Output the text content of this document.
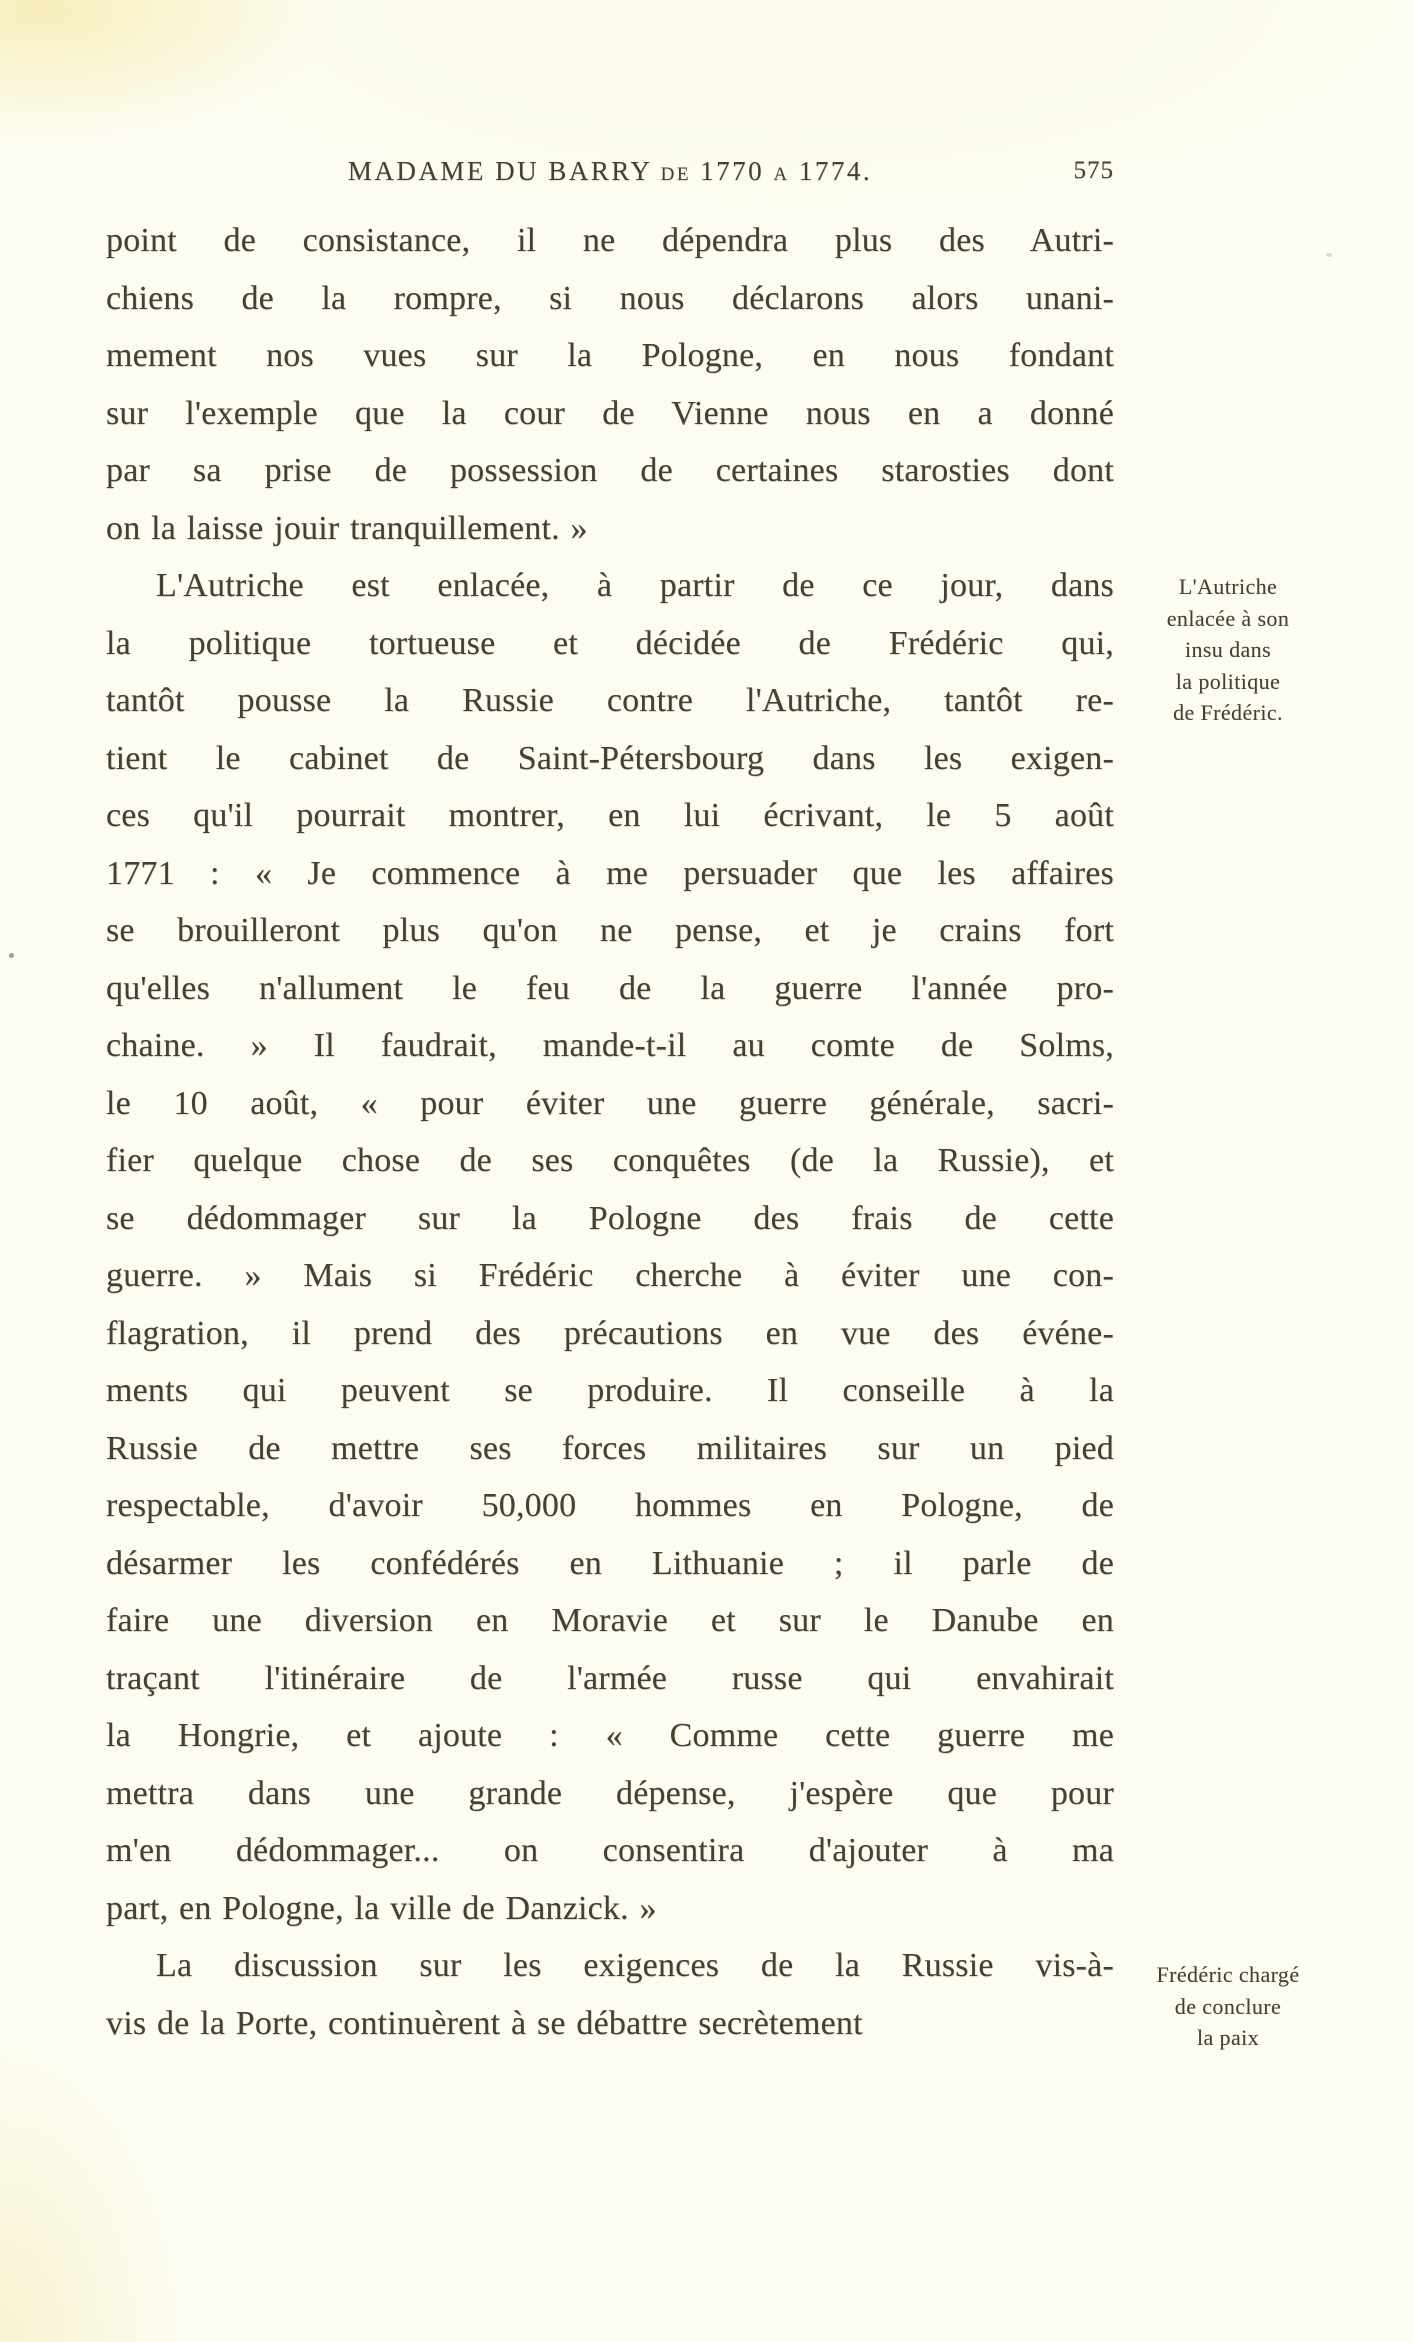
MADAME DU BARRY de 1770 a 1774.	575
point de consistance, il ne dépendra plus des Autri-
chiens de la rompre, si nous déclarons alors unani-
mement nos vues sur la Pologne, en nous fondant
sur l'exemple que la cour de Vienne nous en a donné
par sa prise de possession de certaines starosties dont
on la laisse jouir tranquillement. »
L'Autriche est enlacée, à partir de ce jour, dans
la politique tortueuse et décidée de Frédéric qui,
tantôt pousse la Russie contre l'Autriche, tantôt re-
tient le cabinet de Saint-Pétersbourg dans les exigen-
ces qu'il pourrait montrer, en lui écrivant, le 5 août
1771 : « Je commence à me persuader que les affaires
se brouilleront plus qu'on ne pense, et je crains fort
qu'elles n'allument le feu de la guerre l'année pro-
chaine. » Il faudrait, mande-t-il au comte de Solms,
le 10 août, « pour éviter une guerre générale, sacri-
fier quelque chose de ses conquêtes (de la Russie), et
se dédommager sur la Pologne des frais de cette
guerre. » Mais si Frédéric cherche à éviter une con-
flagration, il prend des précautions en vue des événe-
ments qui peuvent se produire. Il conseille à la
Russie de mettre ses forces militaires sur un pied
respectable, d'avoir 50,000 hommes en Pologne, de
désarmer les confédérés en Lithuanie ; il parle de
faire une diversion en Moravie et sur le Danube en
traçant l'itinéraire de l'armée russe qui envahirait
la Hongrie, et ajoute : « Comme cette guerre me
mettra dans une grande dépense, j'espère que pour
m'en dédommager... on consentira d'ajouter à ma
part, en Pologne, la ville de Danzick. »
La discussion sur les exigences de la Russie vis-à-
vis de la Porte, continuèrent à se débattre secrètement
L'Autriche
enlacée à son
insu dans
la politique
de Frédéric.
Frédéric chargé
de conclure
la paix
